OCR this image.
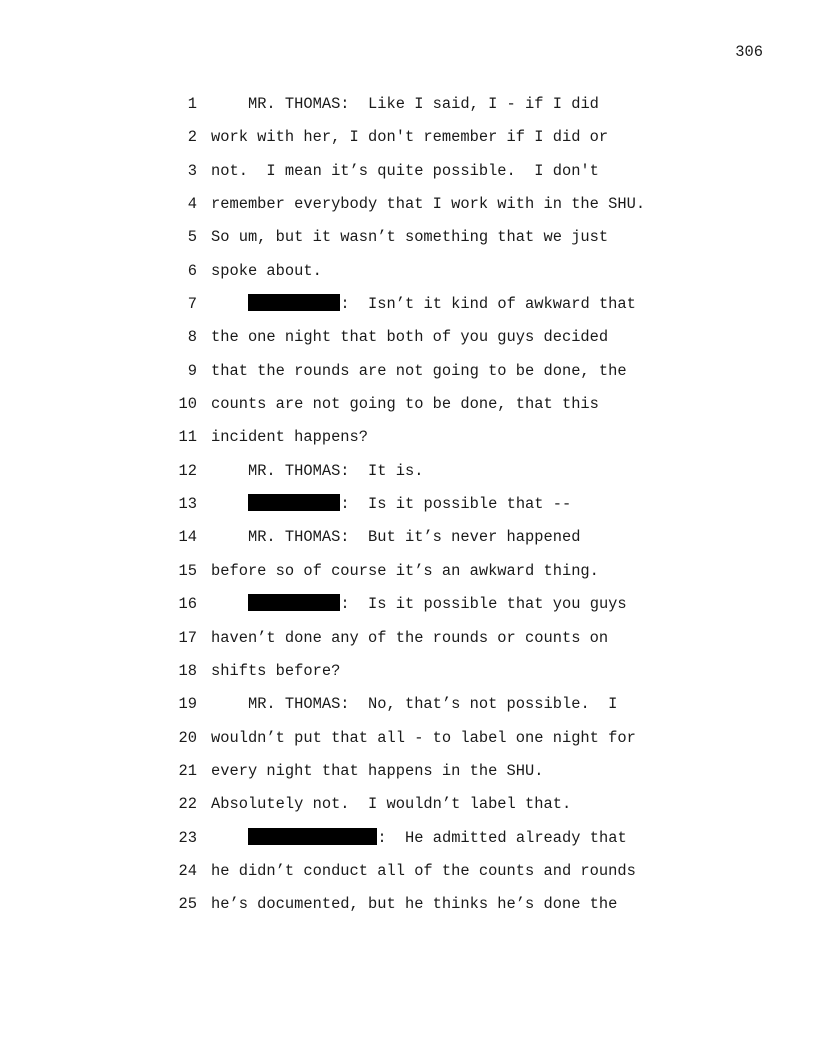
306
1	MR. THOMAS:  Like I said, I - if I did
2 work with her, I don't remember if I did or
3 not.  I mean it’s quite possible.  I don't
4 remember everybody that I work with in the SHU.
5 So um, but it wasn’t something that we just
6 spoke about.
7	:  Isn’t it kind of awkward that
8 the one night that both of you guys decided
9 that the rounds are not going to be done, the
10 counts are not going to be done, that this
11 incident happens?
12	MR. THOMAS:  It is.
13	:  Is it possible that --
14	MR. THOMAS:  But it’s never happened
15 before so of course it’s an awkward thing.
16	:  Is it possible that you guys
17 haven’t done any of the rounds or counts on
18 shifts before?
19	MR. THOMAS:  No, that’s not possible.  I
20 wouldn’t put that all - to label one night for
21 every night that happens in the SHU.
22 Absolutely not.  I wouldn’t label that.
23	:  He admitted already that
24 he didn’t conduct all of the counts and rounds
25 he’s documented, but he thinks he’s done the
